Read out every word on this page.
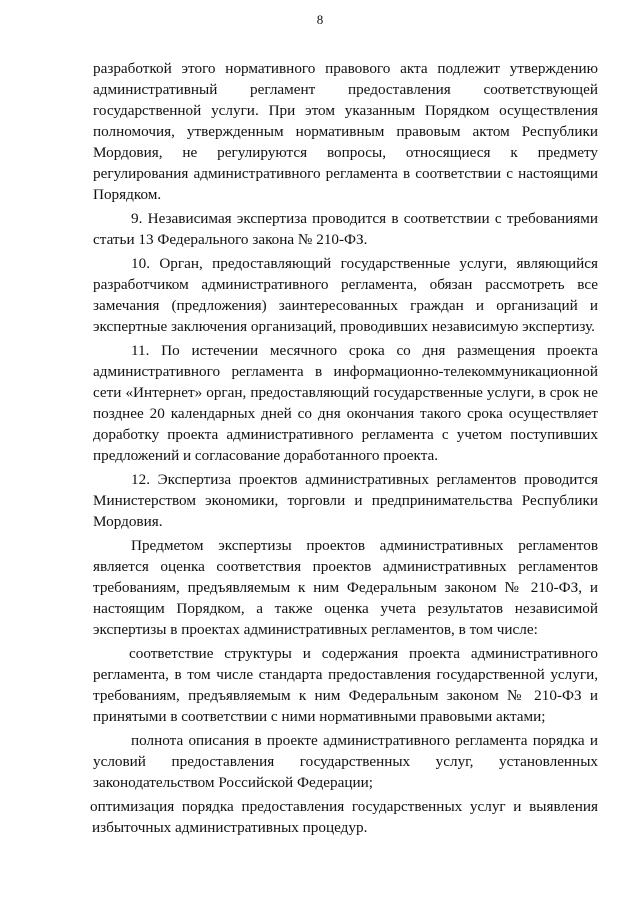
8

разработкой этого нормативного правового акта подлежит утверждению административный регламент предоставления соответствующей государственной услуги. При этом указанным Порядком осуществления полномочия, утвержденным нормативным правовым актом Республики Мордовия, не регулируются вопросы, относящиеся к предмету регулирования административного регламента в соответствии с настоящими Порядком.

9. Независимая экспертиза проводится в соответствии с требованиями статьи 13 Федерального закона № 210-ФЗ.

10. Орган, предоставляющий государственные услуги, являющийся разработчиком административного регламента, обязан рассмотреть все замечания (предложения) заинтересованных граждан и организаций и экспертные заключения организаций, проводивших независимую экспертизу.

11. По истечении месячного срока со дня размещения проекта административного регламента в информационно-телекоммуникационной сети «Интернет» орган, предоставляющий государственные услуги, в срок не позднее 20 календарных дней со дня окончания такого срока осуществляет доработку проекта административного регламента с учетом поступивших предложений и согласование доработанного проекта.

12. Экспертиза проектов административных регламентов проводится Министерством экономики, торговли и предпринимательства Республики Мордовия.

Предметом экспертизы проектов административных регламентов является оценка соответствия проектов административных регламентов требованиям, предъявляемым к ним Федеральным законом № 210-ФЗ, и настоящим Порядком, а также оценка учета результатов независимой экспертизы в проектах административных регламентов, в том числе:

соответствие структуры и содержания проекта административного регламента, в том числе стандарта предоставления государственной услуги, требованиям, предъявляемым к ним Федеральным законом № 210-ФЗ и принятыми в соответствии с ними нормативными правовыми актами;

полнота описания в проекте административного регламента порядка и условий предоставления государственных услуг, установленных законодательством Российской Федерации;

оптимизация порядка предоставления государственных услуг и выявления избыточных административных процедур.
